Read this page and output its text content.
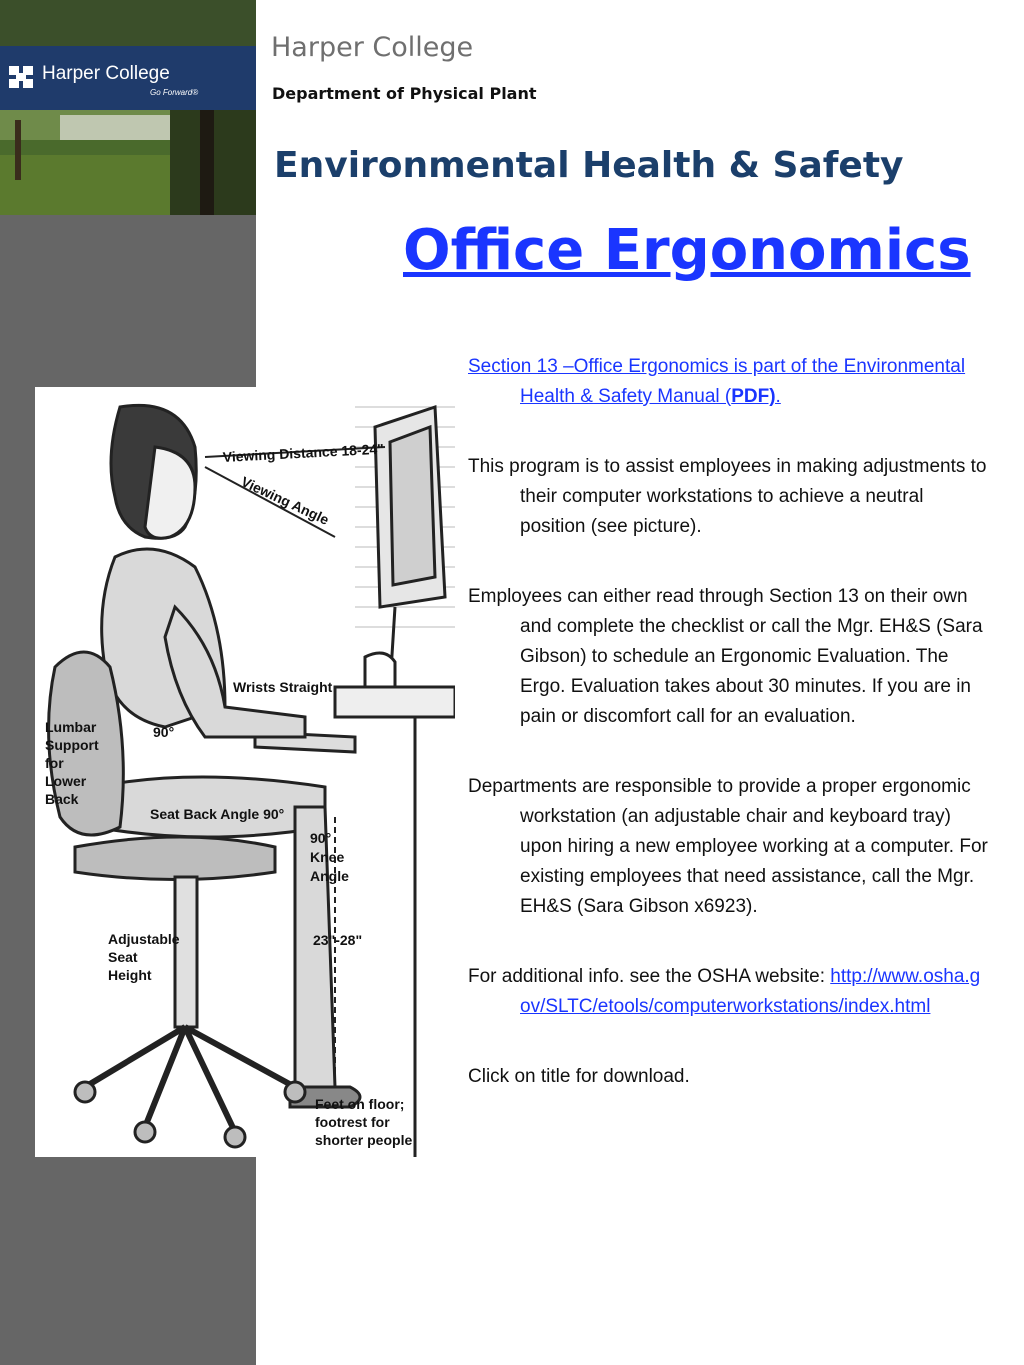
Harper College
Go Forward®
Harper College
Department of Physical Plant
Environmental Health & Safety
Office Ergonomics
Viewing Distance 18-24"
Viewing Angle
Wrists Straight
Lumbar
Support
for
Lower
Back
90°
Seat Back Angle 90°
90°
Knee
Angle
Adjustable
Seat
Height
23"-28"
Feet on floor;
footrest for
shorter people

Section 13 –Office Ergonomics is part of the Environmental Health & Safety Manual (PDF).

This program is to assist employees in making adjustments to their computer workstations to achieve a neutral position (see picture).

Employees can either read through Section 13 on their own and complete the checklist or call the Mgr. EH&S (Sara Gibson) to schedule an Ergonomic Evaluation. The Ergo. Evaluation takes about 30 minutes. If you are in pain or discomfort call for an evaluation.

Departments are responsible to provide a proper ergonomic workstation (an adjustable chair and keyboard tray) upon hiring a new employee working at a computer. For existing employees that need assistance, call the Mgr. EH&S (Sara Gibson x6923).

For additional info. see the OSHA website: http://www.osha.gov/SLTC/etools/computerworkstations/index.html

Click on title for download.
